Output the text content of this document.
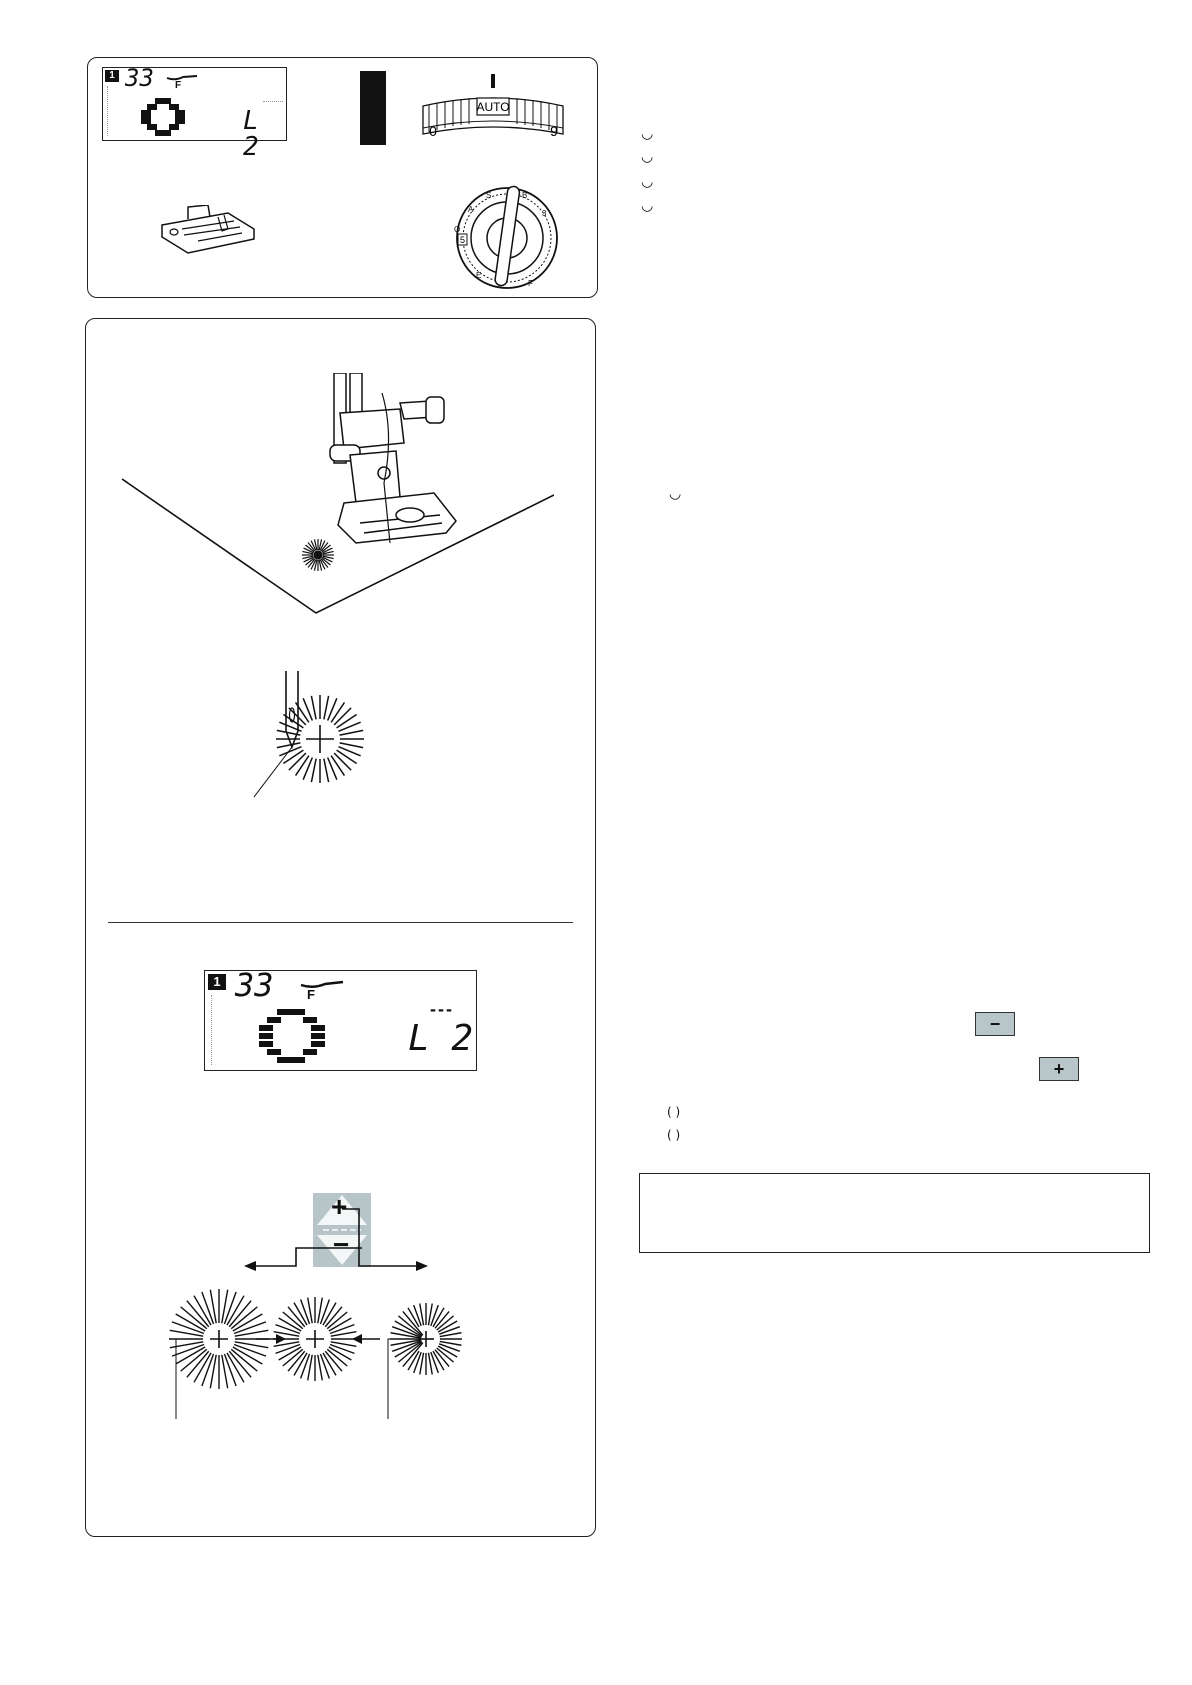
1 33 F
L 2
AUTO
0	9
5
S	B
A	3
O
E
F
1 33	F
---
L 2
+
−
◡
◡
◡
◡
◡
−
+
( )
( )
